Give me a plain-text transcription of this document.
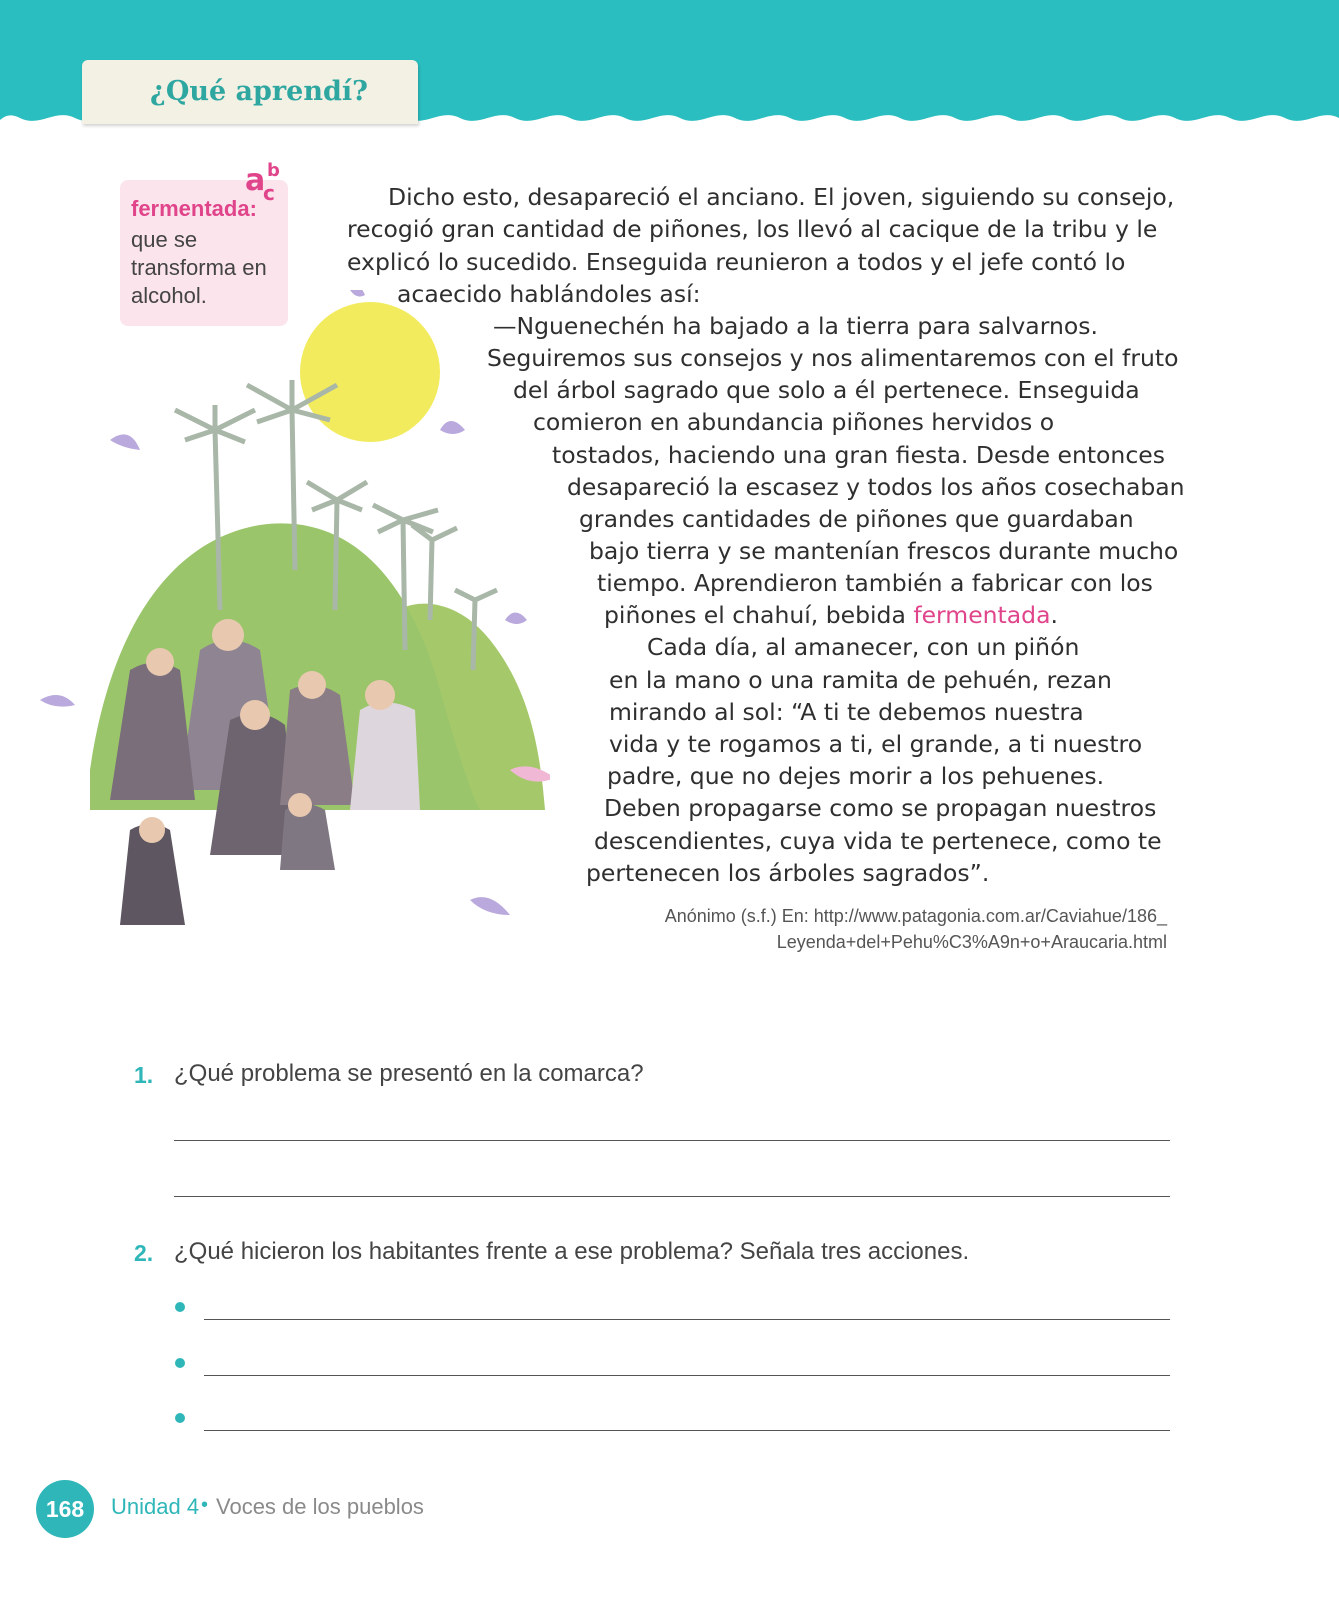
¿Qué aprendí?
a b
c
fermentada:
que se
transforma en
alcohol.

Dicho esto, desapareció el anciano. El joven, siguiendo su consejo,

recogió gran cantidad de piñones, los llevó al cacique de la tribu y le

explicó lo sucedido. Enseguida reunieron a todos y el jefe contó lo

acaecido hablándoles así:

—Nguenechén ha bajado a la tierra para salvarnos.

Seguiremos sus consejos y nos alimentaremos con el fruto

del árbol sagrado que solo a él pertenece. Enseguida

comieron en abundancia piñones hervidos o

tostados, haciendo una gran fiesta. Desde entonces

desapareció la escasez y todos los años cosechaban

grandes cantidades de piñones que guardaban

bajo tierra y se mantenían frescos durante mucho

tiempo. Aprendieron también a fabricar con los

piñones el chahuí, bebida fermentada.

Cada día, al amanecer, con un piñón

en la mano o una ramita de pehuén, rezan

mirando al sol: “A ti te debemos nuestra

vida y te rogamos a ti, el grande, a ti nuestro

padre, que no dejes morir a los pehuenes.

Deben propagarse como se propagan nuestros

descendientes, cuya vida te pertenece, como te

pertenecen los árboles sagrados”.

Anónimo (s.f.) En: http://www.patagonia.com.ar/Caviahue/186_
Leyenda+del+Pehu%C3%A9n+o+Araucaria.html
1. ¿Qué problema se presentó en la comarca?
2. ¿Qué hicieron los habitantes frente a ese problema? Señala tres acciones.
168	Unidad 4 • Voces de los pueblos
